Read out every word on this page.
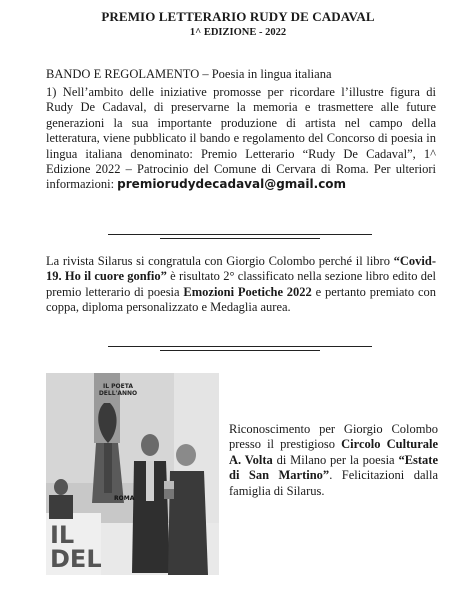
PREMIO LETTERARIO RUDY DE CADAVAL
1^ EDIZIONE - 2022
BANDO E REGOLAMENTO – Poesia in lingua italiana
1) Nell’ambito delle iniziative promosse per ricordare l’illustre figura di Rudy De Cadaval, di preservarne la memoria e trasmettere alle future generazioni la sua importante produzione di artista nel campo della letteratura, viene pubblicato il bando e regolamento del Concorso di poesia in lingua italiana denominato: Premio Letterario “Rudy De Cadaval”, 1^ Edizione 2022 – Patrocinio del Comune di Cervara di Roma. Per ulteriori informazioni: premiorudydecadaval@gmail.com
La rivista Silarus si congratula con Giorgio Colombo perché il libro “Covid-19. Ho il cuore gonfio” è risultato 2° classificato nella sezione libro edito del premio letterario di poesia Emozioni Poetiche 2022 e pertanto premiato con coppa, diploma personalizzato e Medaglia aurea.
IL POETA DELL'ANNO
IL DEL
ROMA
Riconoscimento per Giorgio Colombo presso il prestigioso Circolo Culturale A. Volta di Milano per la poesia “Estate di San Martino”. Felicitazioni dalla famiglia di Silarus.
